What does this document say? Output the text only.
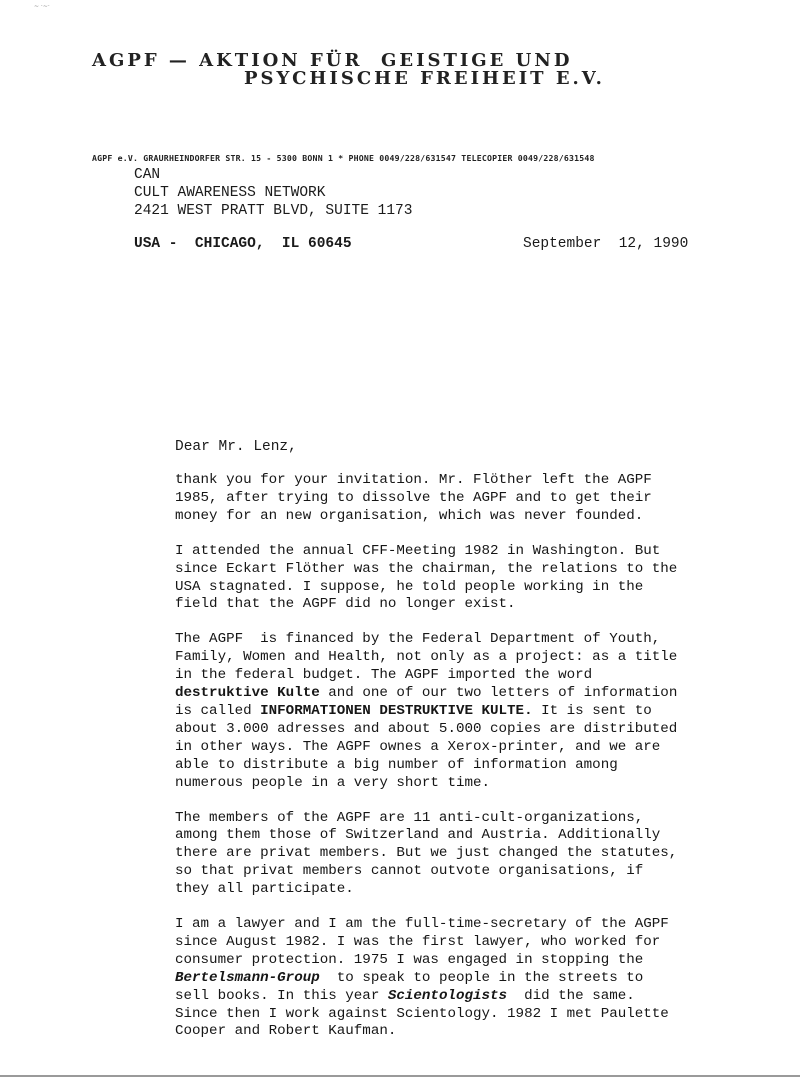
~ ·~·
AGPF — AKTION FÜR  GEISTIGE UND
PSYCHISCHE FREIHEIT E.V.
AGPF e.V. GRAURHEINDORFER STR. 15 - 5300 BONN 1 * PHONE 0049/228/631547 TELECOPIER 0049/228/631548
CAN
CULT AWARENESS NETWORK
2421 WEST PRATT BLVD, SUITE 1173
USA -  CHICAGO,  IL 60645	September  12, 1990
Dear Mr. Lenz,
thank you for your invitation. Mr. Flöther left the AGPF
1985, after trying to dissolve the AGPF and to get their
money for an new organisation, which was never founded.
I attended the annual CFF-Meeting 1982 in Washington. But
since Eckart Flöther was the chairman, the relations to the
USA stagnated. I suppose, he told people working in the
field that the AGPF did no longer exist.
The AGPF  is financed by the Federal Department of Youth,
Family, Women and Health, not only as a project: as a title
in the federal budget. The AGPF imported the word
destruktive Kulte and one of our two letters of information
is called INFORMATIONEN DESTRUKTIVE KULTE. It is sent to
about 3.000 adresses and about 5.000 copies are distributed
in other ways. The AGPF ownes a Xerox-printer, and we are
able to distribute a big number of information among
numerous people in a very short time.
The members of the AGPF are 11 anti-cult-organizations,
among them those of Switzerland and Austria. Additionally
there are privat members. But we just changed the statutes,
so that privat members cannot outvote organisations, if
they all participate.
I am a lawyer and I am the full-time-secretary of the AGPF
since August 1982. I was the first lawyer, who worked for
consumer protection. 1975 I was engaged in stopping the
Bertelsmann-Group  to speak to people in the streets to
sell books. In this year Scientologists  did the same.
Since then I work against Scientology. 1982 I met Paulette
Cooper and Robert Kaufman.
